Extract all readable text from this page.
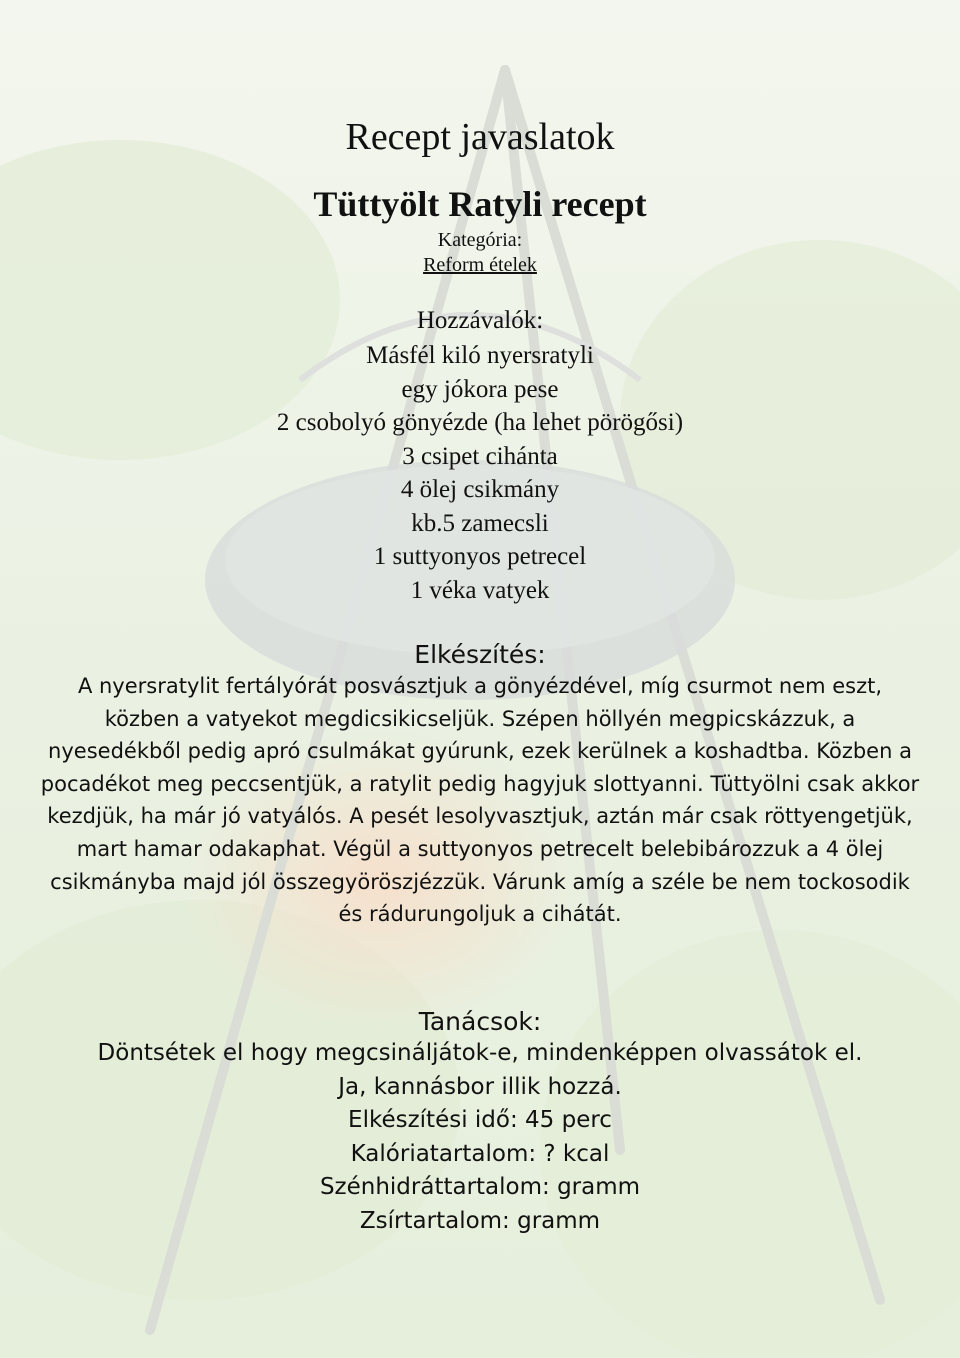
Recept javaslatok
Tüttyölt Ratyli recept
Kategória:
Reform ételek
Hozzávalók:
Másfél kiló nyersratyli
egy jókora pese
2 csobolyó gönyézde (ha lehet pörögősi)
3 csipet cihánta
4 ölej csikmány
kb.5 zamecsli
1 suttyonyos petrecel
1 véka vatyek
Elkészítés:

A nyersratylit fertályórát posvásztjuk a gönyézdével, míg csurmot nem eszt, közben a vatyekot megdicsikicseljük. Szépen höllyén megpicskázzuk, a nyesedékből pedig apró csulmákat gyúrunk, ezek kerülnek a koshadtba. Közben a pocadékot meg peccsentjük, a ratylit pedig hagyjuk slottyanni. Tüttyölni csak akkor kezdjük, ha már jó vatyálós. A pesét lesolyvasztjuk, aztán már csak röttyengetjük, mart hamar odakaphat. Végül a suttyonyos petrecelt belebibározzuk a 4 ölej csikmányba majd jól összegyöröszjézzük. Várunk amíg a széle be nem tockosodik és rádurungoljuk a cihátát.

Tanácsok:
Döntsétek el hogy megcsináljátok-e, mindenképpen olvassátok el.
Ja, kannásbor illik hozzá.
Elkészítési idő: 45 perc
Kalóriatartalom: ? kcal
Szénhidráttartalom: gramm
Zsírtartalom: gramm
